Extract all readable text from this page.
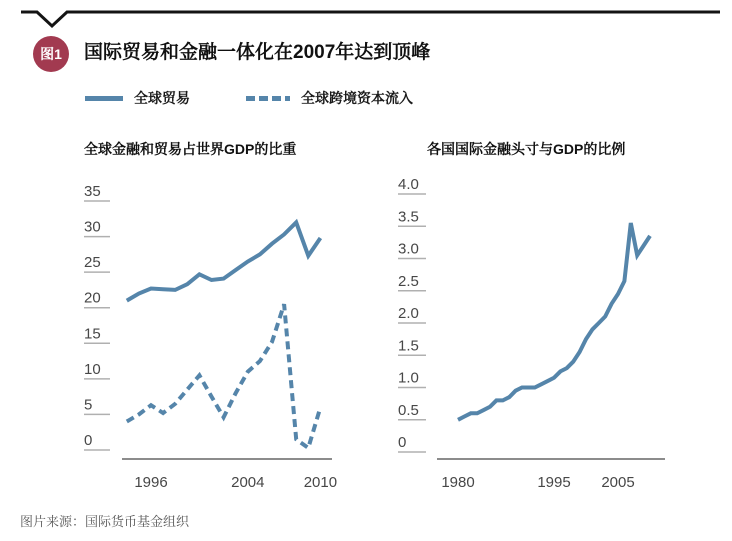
图1 国际贸易和金融一体化在2007年达到顶峰
全球贸易	全球跨境资本流入
全球金融和贸易占世界GDP的比重	各国国际金融头寸与GDP的比例
0
5
10
15
20
25
30
35
1996	2004	2010
0
0.5
1.0
1.5
2.0
2.5
3.0
3.5
4.0
1980	1995 2005
图片来源：国际货币基金组织
